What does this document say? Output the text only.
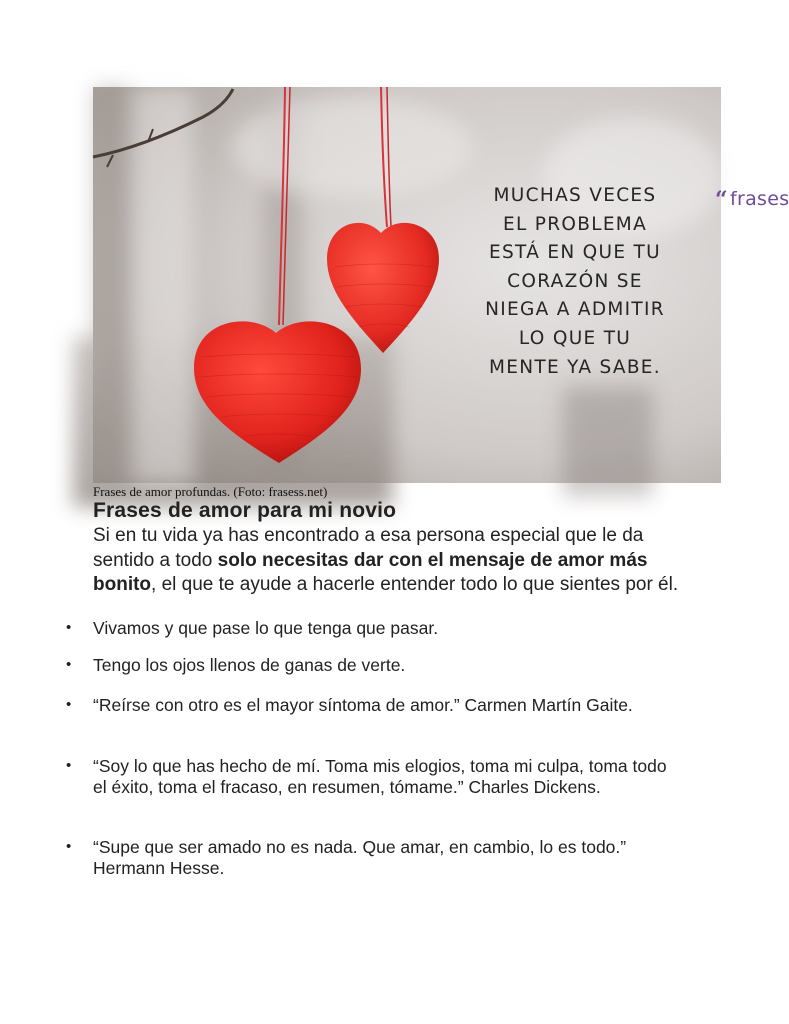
“ frases
MUCHAS VECES
EL PROBLEMA
ESTÁ EN QUE TU
CORAZÓN SE
NIEGA A ADMITIR
LO QUE TU
MENTE YA SABE.
Frases de amor profundas. (Foto: frasess.net)
Frases de amor para mi novio

Si en tu vida ya has encontrado a esa persona especial que le da sentido a todo solo necesitas dar con el mensaje de amor más bonito, el que te ayude a hacerle entender todo lo que sientes por él.

• Vivamos y que pase lo que tenga que pasar.
• Tengo los ojos llenos de ganas de verte.
• “Reírse con otro es el mayor síntoma de amor.” Carmen Martín Gaite.
• “Soy lo que has hecho de mí. Toma mis elogios, toma mi culpa, toma todo el éxito, toma el fracaso, en resumen, tómame.” Charles Dickens.
• “Supe que ser amado no es nada. Que amar, en cambio, lo es todo.” Hermann Hesse.
